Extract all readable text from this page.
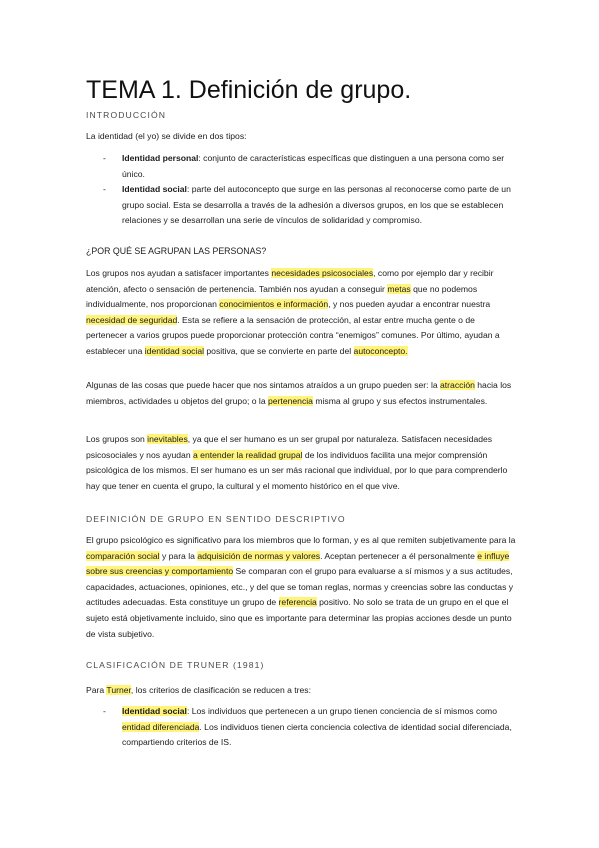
TEMA 1. Definición de grupo.
INTRODUCCIÓN
La identidad (el yo) se divide en dos tipos:
- Identidad personal: conjunto de características específicas que distinguen a una persona como ser único.
- Identidad social: parte del autoconcepto que surge en las personas al reconocerse como parte de un grupo social. Esta se desarrolla a través de la adhesión a diversos grupos, en los que se establecen relaciones y se desarrollan una serie de vínculos de solidaridad y compromiso.
¿POR QUÉ SE AGRUPAN LAS PERSONAS?

Los grupos nos ayudan a satisfacer importantes necesidades psicosociales, como por ejemplo dar y recibir atención, afecto o sensación de pertenencia. También nos ayudan a conseguir metas que no podemos individualmente, nos proporcionan conocimientos e información, y nos pueden ayudar a encontrar nuestra necesidad de seguridad. Esta se refiere a la sensación de protección, al estar entre mucha gente o de pertenecer a varios grupos puede proporcionar protección contra “enemigos” comunes. Por último, ayudan a establecer una identidad social positiva, que se convierte en parte del autoconcepto.

Algunas de las cosas que puede hacer que nos sintamos atraídos a un grupo pueden ser: la atracción hacia los miembros, actividades u objetos del grupo; o la pertenencia misma al grupo y sus efectos instrumentales.

Los grupos son inevitables, ya que el ser humano es un ser grupal por naturaleza. Satisfacen necesidades psicosociales y nos ayudan a entender la realidad grupal de los individuos facilita una mejor comprensión psicológica de los mismos. El ser humano es un ser más racional que individual, por lo que para comprenderlo hay que tener en cuenta el grupo, la cultural y el momento histórico en el que vive.

DEFINICIÓN DE GRUPO EN SENTIDO DESCRIPTIVO

El grupo psicológico es significativo para los miembros que lo forman, y es al que remiten subjetivamente para la comparación social y para la adquisición de normas y valores. Aceptan pertenecer a él personalmente e influye sobre sus creencias y comportamiento Se comparan con el grupo para evaluarse a sí mismos y a sus actitudes, capacidades, actuaciones, opiniones, etc., y del que se toman reglas, normas y creencias sobre las conductas y actitudes adecuadas. Esta constituye un grupo de referencia positivo. No solo se trata de un grupo en el que el sujeto está objetivamente incluido, sino que es importante para determinar las propias acciones desde un punto de vista subjetivo.

CLASIFICACIÓN DE TRUNER (1981)
Para Turner, los criterios de clasificación se reducen a tres:
- Identidad social: Los individuos que pertenecen a un grupo tienen conciencia de sí mismos como entidad diferenciada. Los individuos tienen cierta conciencia colectiva de identidad social diferenciada, compartiendo criterios de IS.
